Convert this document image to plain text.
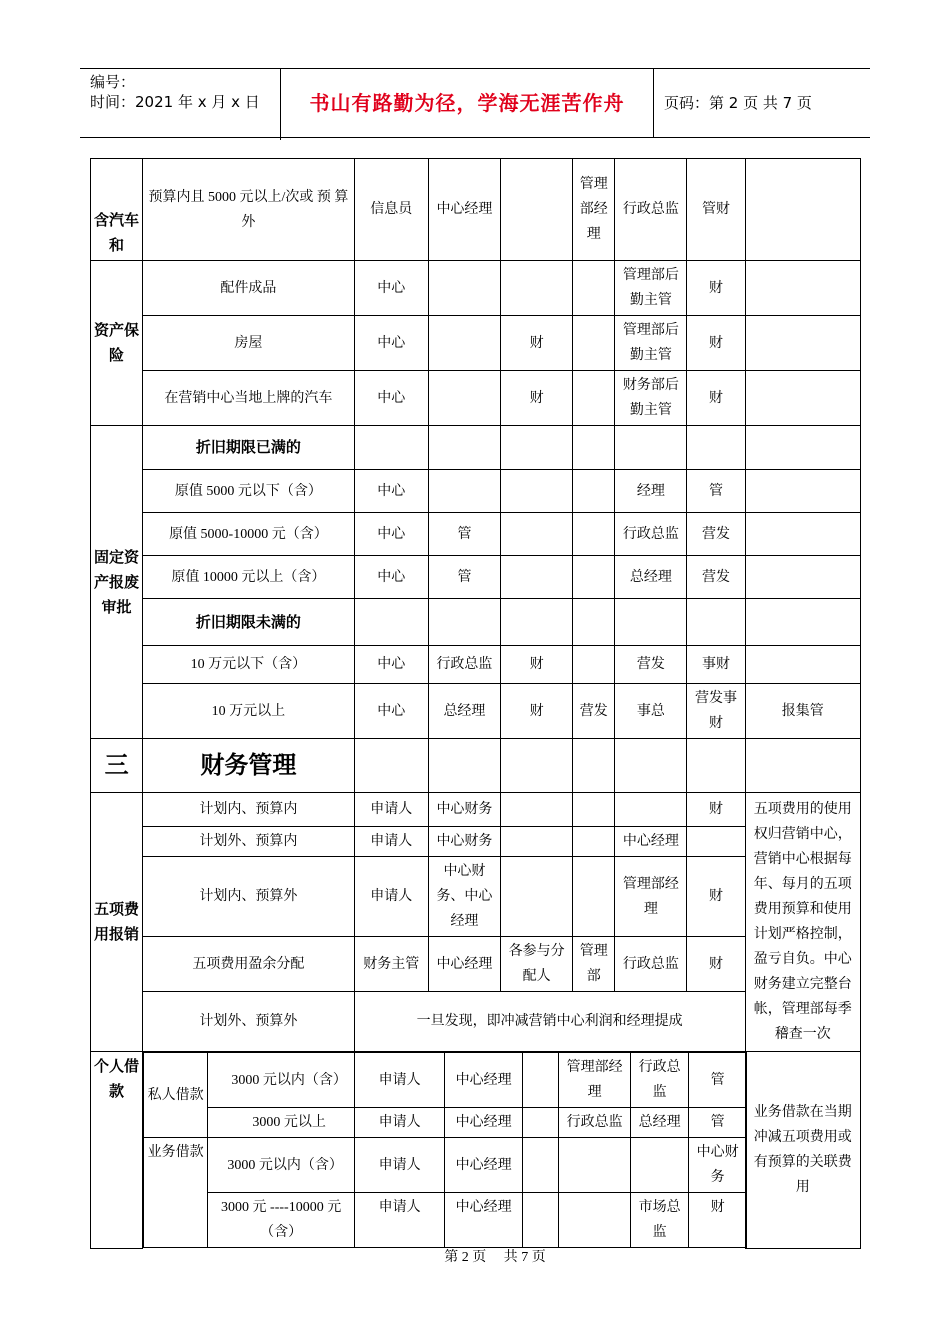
编号：
时间：2021 年 x 月 x 日	书山有路勤为径，学海无涯苦作舟	页码：第 2 页 共 7 页
含汽车和	预算内且 5000 元以上/次或 预 算 外	信息员	中心经理		管理部经理	行政总监	管财	
资产保险	配件成品	中心				管理部后勤主管	财	
房屋	中心		财		管理部后勤主管	财	
在营销中心当地上牌的汽车	中心		财		财务部后勤主管	财	
固定资产报废审批	折旧期限已满的							
原值 5000 元以下（含）	中心				经理	管	
原值 5000-10000 元（含）	中心	管			行政总监	营发	
原值 10000 元以上（含）	中心	管			总经理	营发	
折旧期限未满的							
10 万元以下（含）	中心	行政总监	财		营发	事财	
10 万元以上	中心	总经理	财	营发	事总	营发事财	报集管

三	财务管理							
五项费用报销	计划内、预算内	申请人	中心财务				财	五项费用的使用权归营销中心，营销中心根据每年、每月的五项费用预算和使用计划严格控制，盈亏自负。中心财务建立完整台帐，管理部每季稽查一次
计划外、预算内	申请人	中心财务			中心经理	
计划内、预算外	申请人	中心财务、中心经理			管理部经理	财
五项费用盈余分配	财务主管	中心经理	各参与分配人	管理部	行政总监	财
计划外、预算外	一旦发现，即冲减营销中心利润和经理提成
个人借款	私人借款	3000 元以内（含）	申请人	中心经理		管理部经理	行政总监	管
3000 元以上	申请人	中心经理		行政总监	总经理	管
业务借款	3000 元以内（含）	申请人	中心经理				中心财务
3000 元 ----10000 元（含）	申请人	中心经理			市场总监	财
	业务借款在当期冲减五项费用或有预算的关联费用
第 2 页 共 7 页
